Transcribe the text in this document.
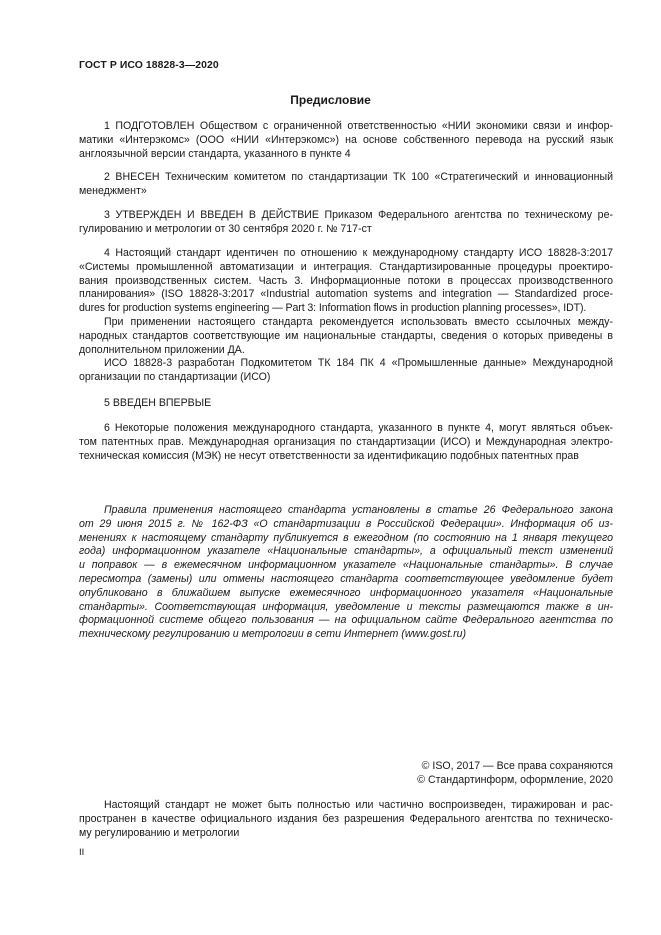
ГОСТ Р ИСО 18828-3—2020
Предисловие
1 ПОДГОТОВЛЕН Обществом с ограниченной ответственностью «НИИ экономики связи и инфор-
матики «Интерэкомс» (ООО «НИИ «Интерэкомс») на основе собственного перевода на русский язык
англоязычной версии стандарта, указанного в пункте 4
2 ВНЕСЕН Техническим комитетом по стандартизации ТК 100 «Стратегический и инновационный
менеджмент»
3 УТВЕРЖДЕН И ВВЕДЕН В ДЕЙСТВИЕ Приказом Федерального агентства по техническому ре-
гулированию и метрологии от 30 сентября 2020 г. № 717-ст
4 Настоящий стандарт идентичен по отношению к международному стандарту ИСО 18828-3:2017
«Системы промышленной автоматизации и интеграция. Стандартизированные процедуры проектиро-
вания производственных систем. Часть 3. Информационные потоки в процессах производственного
планирования» (ISO 18828-3:2017 «Industrial automation systems and integration — Standardized proce-
dures for production systems engineering — Part 3: Information flows in production planning processes», IDT).
При применении настоящего стандарта рекомендуется использовать вместо ссылочных между-
народных стандартов соответствующие им национальные стандарты, сведения о которых приведены в
дополнительном приложении ДА.
ИСО 18828-3 разработан Подкомитетом ТК 184 ПК 4 «Промышленные данные» Международной
организации по стандартизации (ИСО)
5 ВВЕДЕН ВПЕРВЫЕ
6 Некоторые положения международного стандарта, указанного в пункте 4, могут являться объек-
том патентных прав. Международная организация по стандартизации (ИСО) и Международная электро-
техническая комиссия (МЭК) не несут ответственности за идентификацию подобных патентных прав
Правила применения настоящего стандарта установлены в статье 26 Федерального закона
от 29 июня 2015 г. № 162-ФЗ «О стандартизации в Российской Федерации». Информация об из-
менениях к настоящему стандарту публикуется в ежегодном (по состоянию на 1 января текущего
года) информационном указателе «Национальные стандарты», а официальный текст изменений
и поправок — в ежемесячном информационном указателе «Национальные стандарты». В случае
пересмотра (замены) или отмены настоящего стандарта соответствующее уведомление будет
опубликовано в ближайшем выпуске ежемесячного информационного указателя «Национальные
стандарты». Соответствующая информация, уведомление и тексты размещаются также в ин-
формационной системе общего пользования — на официальном сайте Федерального агентства по
техническому регулированию и метрологии в сети Интернет (www.gost.ru)
© ISO, 2017 — Все права сохраняются
© Стандартинформ, оформление, 2020
Настоящий стандарт не может быть полностью или частично воспроизведен, тиражирован и рас-
пространен в качестве официального издания без разрешения Федерального агентства по техническо-
му регулированию и метрологии
II
